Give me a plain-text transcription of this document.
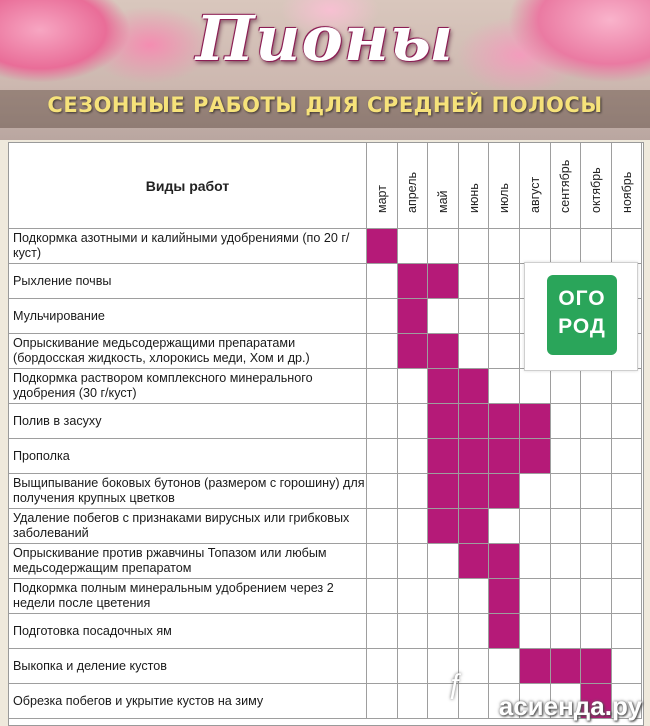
Пионы
СЕЗОННЫЕ РАБОТЫ ДЛЯ СРЕДНЕЙ ПОЛОСЫ
Виды работ	март апрель май июнь июль август сентябрь октябрь ноябрь
Подкормка азотными и калийными удобрениями (по 20 г/куст)
Рыхление почвы
Мульчирование
Опрыскивание медьсодержащими препаратами (бордосская жидкость, хлорокись меди, Хом и др.)
Подкормка раствором комплексного минерального удобрения (30 г/куст)
Полив в засуху
Прополка
Выщипывание боковых бутонов (размером с горошину) для получения крупных цветков
Удаление побегов с признаками вирусных или грибковых заболеваний
Опрыскивание против ржавчины Топазом или любым медьсодержащим препаратом
Подкормка полным минеральным удобрением через 2 недели после цветения
Подготовка посадочных ям
Выкопка и деление кустов
Обрезка побегов и укрытие кустов на зиму
ОГО
РОД
ƒ
асиенда.ру
